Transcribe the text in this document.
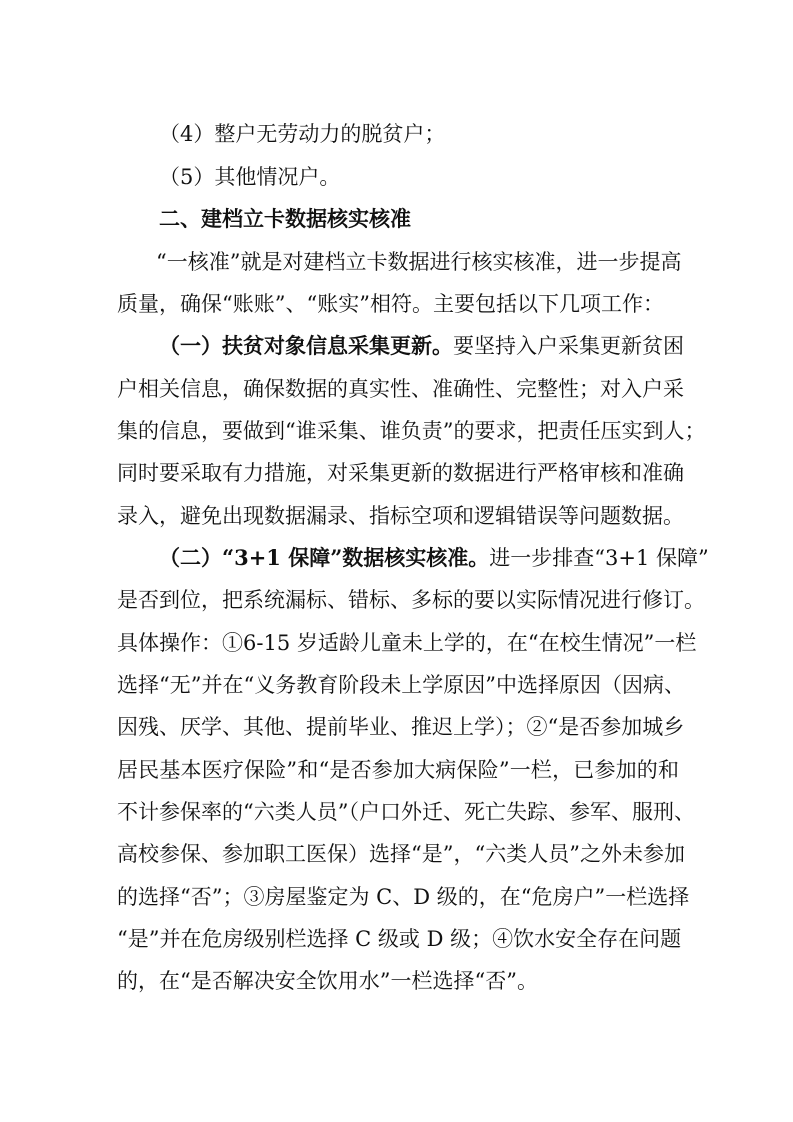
（4）整户无劳动力的脱贫户；
（5）其他情况户。
二、建档立卡数据核实核准
“一核准”就是对建档立卡数据进行核实核准，进一步提高
质量，确保“账账”、“账实”相符。主要包括以下几项工作：
（一）扶贫对象信息采集更新。要坚持入户采集更新贫困
户相关信息，确保数据的真实性、准确性、完整性；对入户采
集的信息，要做到“谁采集、谁负责”的要求，把责任压实到人；
同时要采取有力措施，对采集更新的数据进行严格审核和准确
录入，避免出现数据漏录、指标空项和逻辑错误等问题数据。
（二）“3+1 保障”数据核实核准。进一步排查“3+1 保障”
是否到位，把系统漏标、错标、多标的要以实际情况进行修订。
具体操作：①6-15 岁适龄儿童未上学的，在“在校生情况”一栏
选择“无”并在“义务教育阶段未上学原因”中选择原因（因病、
因残、厌学、其他、提前毕业、推迟上学）；②“是否参加城乡
居民基本医疗保险”和“是否参加大病保险”一栏，已参加的和
不计参保率的“六类人员”（户口外迁、死亡失踪、参军、服刑、
高校参保、参加职工医保）选择“是”，“六类人员”之外未参加
的选择“否”；③房屋鉴定为 C、D 级的，在“危房户”一栏选择
“是”并在危房级别栏选择 C 级或 D 级；④饮水安全存在问题
的，在“是否解决安全饮用水”一栏选择“否”。
